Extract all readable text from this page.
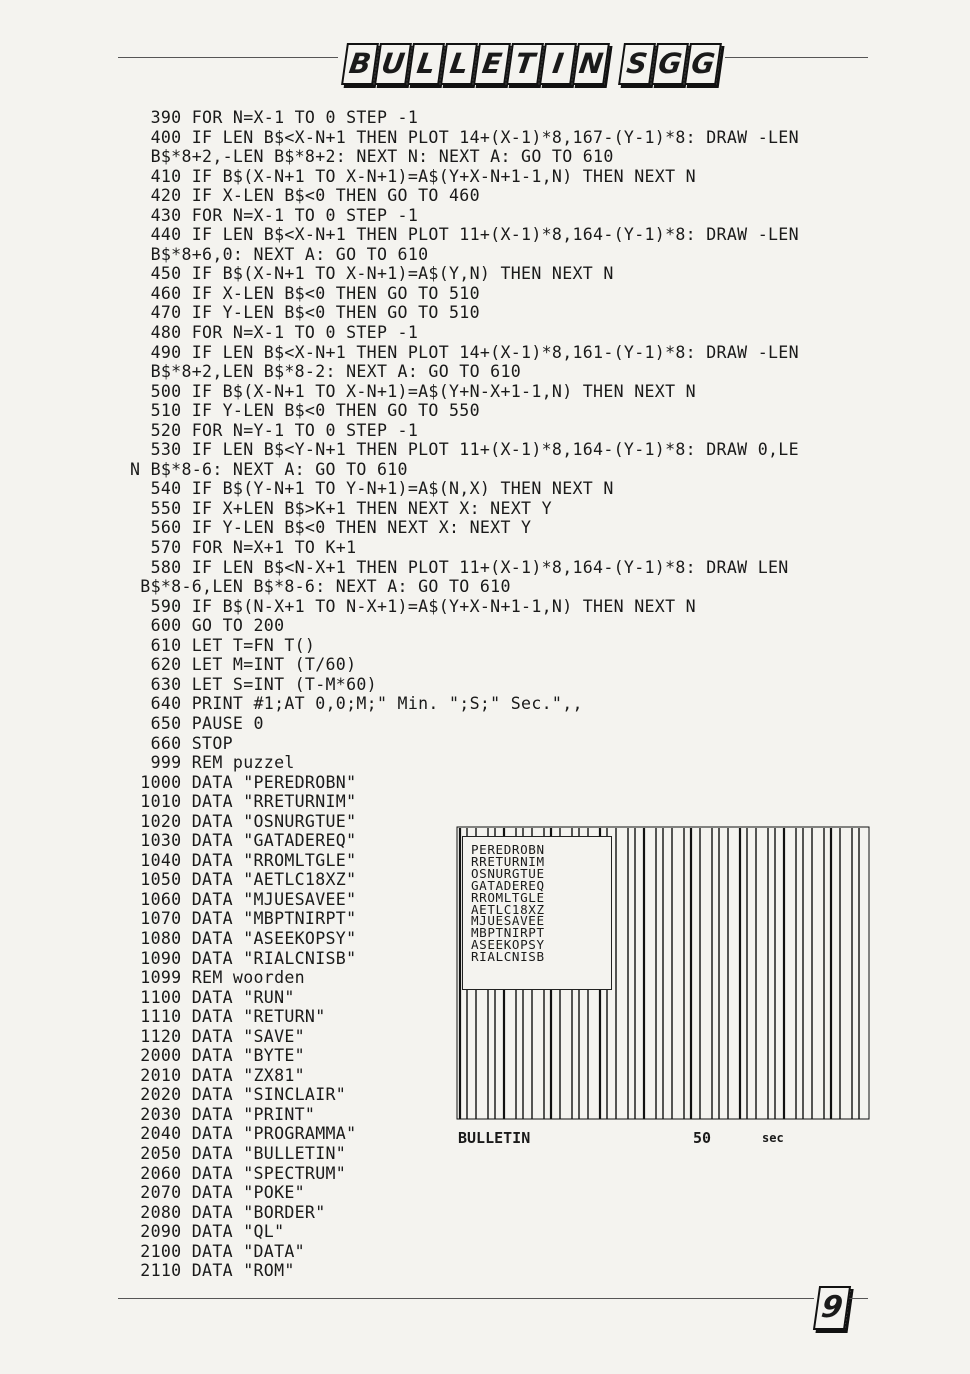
B U L L E T I N S G G
390 FOR N=X-1 TO 0 STEP -1
400 IF LEN B$<X-N+1 THEN PLOT 14+(X-1)*8,167-(Y-1)*8: DRAW -LEN
B$*8+2,-LEN B$*8+2: NEXT N: NEXT A: GO TO 610
410 IF B$(X-N+1 TO X-N+1)=A$(Y+X-N+1-1,N) THEN NEXT N
420 IF X-LEN B$<0 THEN GO TO 460
430 FOR N=X-1 TO 0 STEP -1
440 IF LEN B$<X-N+1 THEN PLOT 11+(X-1)*8,164-(Y-1)*8: DRAW -LEN
B$*8+6,0: NEXT A: GO TO 610
450 IF B$(X-N+1 TO X-N+1)=A$(Y,N) THEN NEXT N
460 IF X-LEN B$<0 THEN GO TO 510
470 IF Y-LEN B$<0 THEN GO TO 510
480 FOR N=X-1 TO 0 STEP -1
490 IF LEN B$<X-N+1 THEN PLOT 14+(X-1)*8,161-(Y-1)*8: DRAW -LEN
B$*8+2,LEN B$*8-2: NEXT A: GO TO 610
500 IF B$(X-N+1 TO X-N+1)=A$(Y+N-X+1-1,N) THEN NEXT N
510 IF Y-LEN B$<0 THEN GO TO 550
520 FOR N=Y-1 TO 0 STEP -1
530 IF LEN B$<Y-N+1 THEN PLOT 11+(X-1)*8,164-(Y-1)*8: DRAW 0,LE
N B$*8-6: NEXT A: GO TO 610
540 IF B$(Y-N+1 TO Y-N+1)=A$(N,X) THEN NEXT N
550 IF X+LEN B$>K+1 THEN NEXT X: NEXT Y
560 IF Y-LEN B$<0 THEN NEXT X: NEXT Y
570 FOR N=X+1 TO K+1
580 IF LEN B$<N-X+1 THEN PLOT 11+(X-1)*8,164-(Y-1)*8: DRAW LEN
B$*8-6,LEN B$*8-6: NEXT A: GO TO 610
590 IF B$(N-X+1 TO N-X+1)=A$(Y+X-N+1-1,N) THEN NEXT N
600 GO TO 200
610 LET T=FN T()
620 LET M=INT (T/60)
630 LET S=INT (T-M*60)
640 PRINT #1;AT 0,0;M;" Min. ";S;" Sec.",,
650 PAUSE 0
660 STOP
999 REM puzzel
1000 DATA "PEREDROBN"
1010 DATA "RRETURNIM"
1020 DATA "OSNURGTUE"
1030 DATA "GATADEREQ"
1040 DATA "RROMLTGLE"
1050 DATA "AETLC18XZ"
1060 DATA "MJUESAVEE"
1070 DATA "MBPTNIRPT"
1080 DATA "ASEEKOPSY"
1090 DATA "RIALCNISB"
1099 REM woorden
1100 DATA "RUN"
1110 DATA "RETURN"
1120 DATA "SAVE"
2000 DATA "BYTE"
2010 DATA "ZX81"
2020 DATA "SINCLAIR"
2030 DATA "PRINT"
2040 DATA "PROGRAMMA"
2050 DATA "BULLETIN"
2060 DATA "SPECTRUM"
2070 DATA "POKE"
2080 DATA "BORDER"
2090 DATA "QL"
2100 DATA "DATA"
2110 DATA "ROM"
PEREDROBN
RRETURNIM
OSNURGTUE
GATADEREQ
RROMLTGLE
AETLC18XZ
MJUESAVEE
MBPTNIRPT
ASEEKOPSY
RIALCNISB
BULLETIN	50	sec
9
